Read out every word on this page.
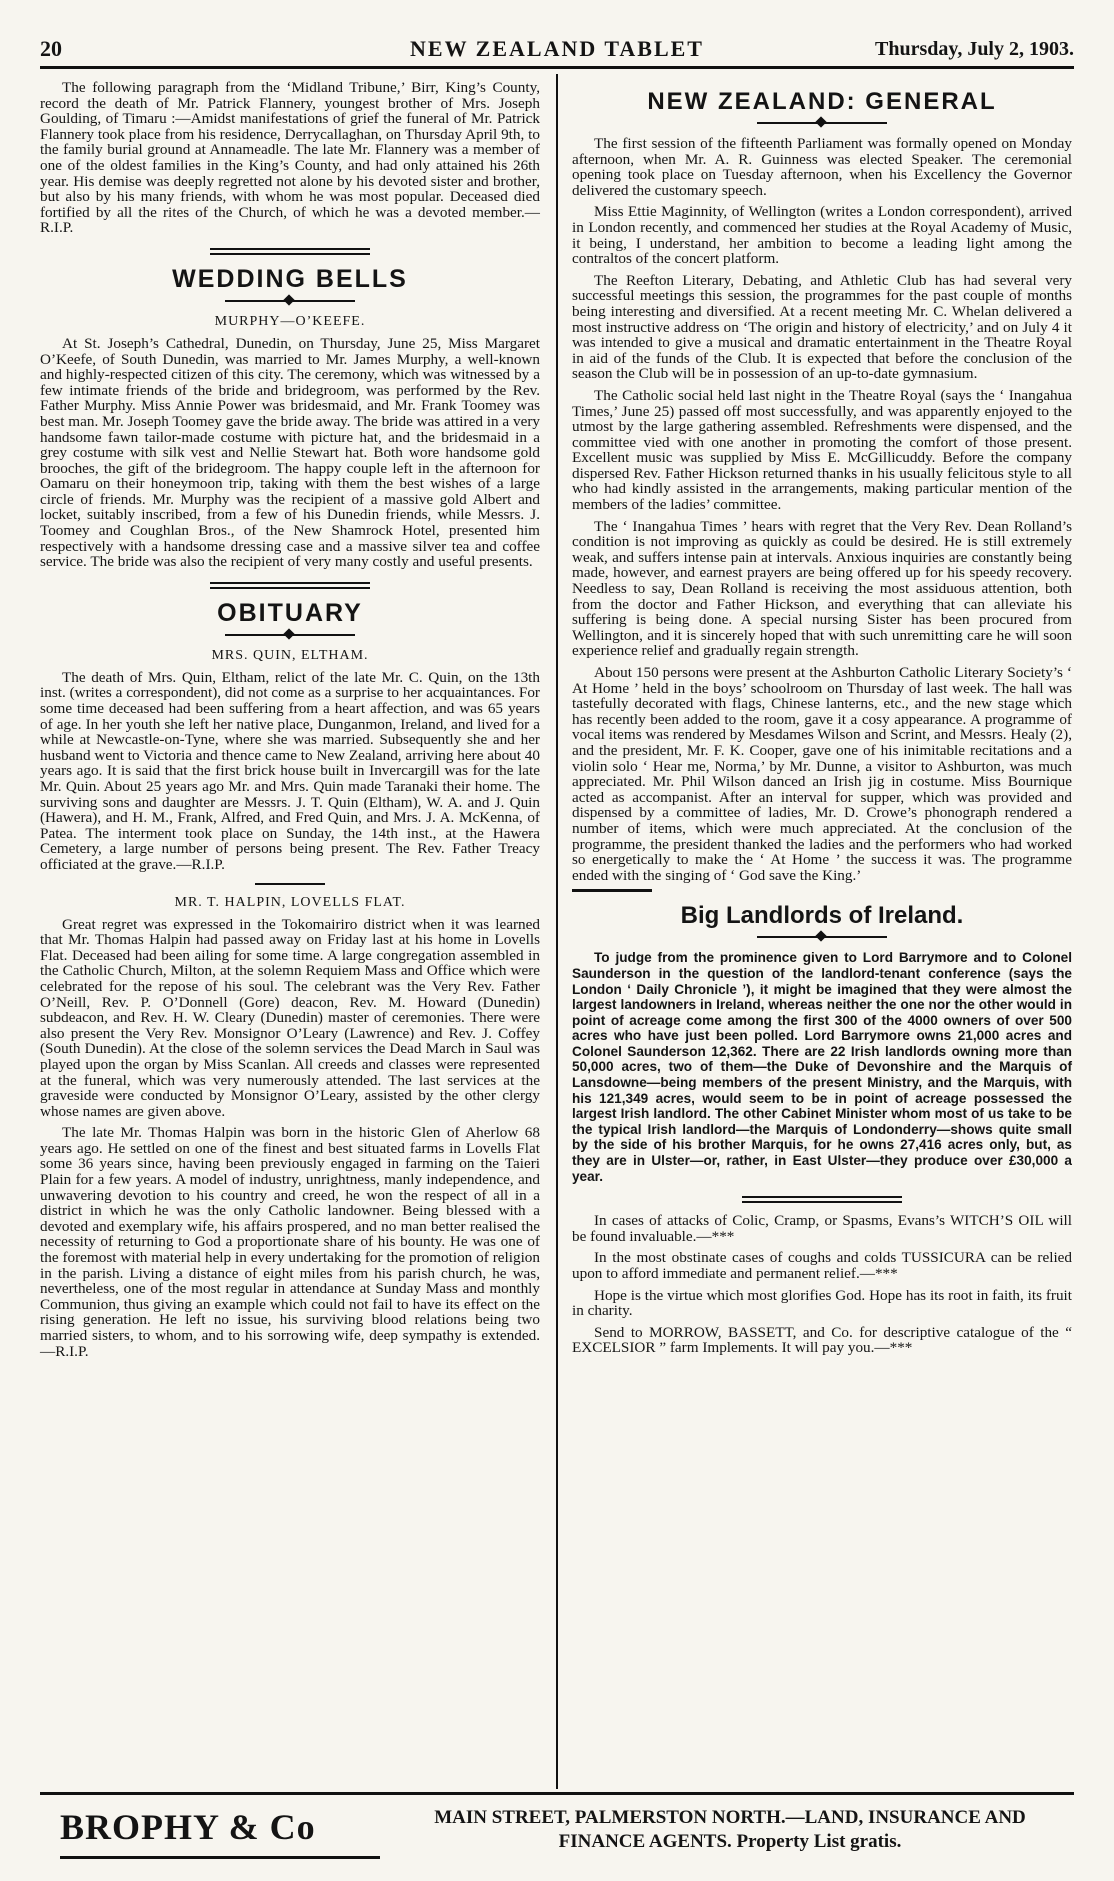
20	NEW ZEALAND TABLET	Thursday, July 2, 1903.

The following paragraph from the ‘Midland Tribune,’ Birr, King’s County, record the death of Mr. Patrick Flannery, youngest brother of Mrs. Joseph Goulding, of Timaru :—Amidst manifestations of grief the funeral of Mr. Patrick Flannery took place from his residence, Derrycallaghan, on Thursday April 9th, to the family burial ground at Annameadle. The late Mr. Flannery was a member of one of the oldest families in the King’s County, and had only attained his 26th year. His demise was deeply regretted not alone by his devoted sister and brother, but also by his many friends, with whom he was most popular. Deceased died fortified by all the rites of the Church, of which he was a devoted member.—R.I.P.

WEDDING BELLS
MURPHY—O’KEEFE.

At St. Joseph’s Cathedral, Dunedin, on Thursday, June 25, Miss Margaret O’Keefe, of South Dunedin, was married to Mr. James Murphy, a well-known and highly-respected citizen of this city. The ceremony, which was witnessed by a few intimate friends of the bride and bridegroom, was performed by the Rev. Father Murphy. Miss Annie Power was bridesmaid, and Mr. Frank Toomey was best man. Mr. Joseph Toomey gave the bride away. The bride was attired in a very handsome fawn tailor-made costume with picture hat, and the bridesmaid in a grey costume with silk vest and Nellie Stewart hat. Both wore handsome gold brooches, the gift of the bridegroom. The happy couple left in the afternoon for Oamaru on their honeymoon trip, taking with them the best wishes of a large circle of friends. Mr. Murphy was the recipient of a massive gold Albert and locket, suitably inscribed, from a few of his Dunedin friends, while Messrs. J. Toomey and Coughlan Bros., of the New Shamrock Hotel, presented him respectively with a handsome dressing case and a massive silver tea and coffee service. The bride was also the recipient of very many costly and useful presents.

OBITUARY
MRS. QUIN, ELTHAM.

The death of Mrs. Quin, Eltham, relict of the late Mr. C. Quin, on the 13th inst. (writes a correspondent), did not come as a surprise to her acquaintances. For some time deceased had been suffering from a heart affection, and was 65 years of age. In her youth she left her native place, Dunganmon, Ireland, and lived for a while at Newcastle-on-Tyne, where she was married. Subsequently she and her husband went to Victoria and thence came to New Zealand, arriving here about 40 years ago. It is said that the first brick house built in Invercargill was for the late Mr. Quin. About 25 years ago Mr. and Mrs. Quin made Taranaki their home. The surviving sons and daughter are Messrs. J. T. Quin (Eltham), W. A. and J. Quin (Hawera), and H. M., Frank, Alfred, and Fred Quin, and Mrs. J. A. McKenna, of Patea. The interment took place on Sunday, the 14th inst., at the Hawera Cemetery, a large number of persons being present. The Rev. Father Treacy officiated at the grave.—R.I.P.

MR. T. HALPIN, LOVELLS FLAT.

Great regret was expressed in the Tokomairiro district when it was learned that Mr. Thomas Halpin had passed away on Friday last at his home in Lovells Flat. Deceased had been ailing for some time. A large congregation assembled in the Catholic Church, Milton, at the solemn Requiem Mass and Office which were celebrated for the repose of his soul. The celebrant was the Very Rev. Father O’Neill, Rev. P. O’Donnell (Gore) deacon, Rev. M. Howard (Dunedin) subdeacon, and Rev. H. W. Cleary (Dunedin) master of ceremonies. There were also present the Very Rev. Monsignor O’Leary (Lawrence) and Rev. J. Coffey (South Dunedin). At the close of the solemn services the Dead March in Saul was played upon the organ by Miss Scanlan. All creeds and classes were represented at the funeral, which was very numerously attended. The last services at the graveside were conducted by Monsignor O’Leary, assisted by the other clergy whose names are given above.

The late Mr. Thomas Halpin was born in the historic Glen of Aherlow 68 years ago. He settled on one of the finest and best situated farms in Lovells Flat some 36 years since, having been previously engaged in farming on the Taieri Plain for a few years. A model of industry, unrightness, manly independence, and unwavering devotion to his country and creed, he won the respect of all in a district in which he was the only Catholic landowner. Being blessed with a devoted and exemplary wife, his affairs prospered, and no man better realised the necessity of returning to God a proportionate share of his bounty. He was one of the foremost with material help in every undertaking for the promotion of religion in the parish. Living a distance of eight miles from his parish church, he was, nevertheless, one of the most regular in attendance at Sunday Mass and monthly Communion, thus giving an example which could not fail to have its effect on the rising generation. He left no issue, his surviving blood relations being two married sisters, to whom, and to his sorrowing wife, deep sympathy is extended.—R.I.P.

NEW ZEALAND: GENERAL

The first session of the fifteenth Parliament was formally opened on Monday afternoon, when Mr. A. R. Guinness was elected Speaker. The ceremonial opening took place on Tuesday afternoon, when his Excellency the Governor delivered the customary speech.

Miss Ettie Maginnity, of Wellington (writes a London correspondent), arrived in London recently, and commenced her studies at the Royal Academy of Music, it being, I understand, her ambition to become a leading light among the contraltos of the concert platform.

The Reefton Literary, Debating, and Athletic Club has had several very successful meetings this session, the programmes for the past couple of months being interesting and diversified. At a recent meeting Mr. C. Whelan delivered a most instructive address on ‘The origin and history of electricity,’ and on July 4 it was intended to give a musical and dramatic entertainment in the Theatre Royal in aid of the funds of the Club. It is expected that before the conclusion of the season the Club will be in possession of an up-to-date gymnasium.

The Catholic social held last night in the Theatre Royal (says the ‘ Inangahua Times,’ June 25) passed off most successfully, and was apparently enjoyed to the utmost by the large gathering assembled. Refreshments were dispensed, and the committee vied with one another in promoting the comfort of those present. Excellent music was supplied by Miss E. McGillicuddy. Before the company dispersed Rev. Father Hickson returned thanks in his usually felicitous style to all who had kindly assisted in the arrangements, making particular mention of the members of the ladies’ committee.

The ‘ Inangahua Times ’ hears with regret that the Very Rev. Dean Rolland’s condition is not improving as quickly as could be desired. He is still extremely weak, and suffers intense pain at intervals. Anxious inquiries are constantly being made, however, and earnest prayers are being offered up for his speedy recovery. Needless to say, Dean Rolland is receiving the most assiduous attention, both from the doctor and Father Hickson, and everything that can alleviate his suffering is being done. A special nursing Sister has been procured from Wellington, and it is sincerely hoped that with such unremitting care he will soon experience relief and gradually regain strength.

About 150 persons were present at the Ashburton Catholic Literary Society’s ‘ At Home ’ held in the boys’ schoolroom on Thursday of last week. The hall was tastefully decorated with flags, Chinese lanterns, etc., and the new stage which has recently been added to the room, gave it a cosy appearance. A programme of vocal items was rendered by Mesdames Wilson and Scrint, and Messrs. Healy (2), and the president, Mr. F. K. Cooper, gave one of his inimitable recitations and a violin solo ‘ Hear me, Norma,’ by Mr. Dunne, a visitor to Ashburton, was much appreciated. Mr. Phil Wilson danced an Irish jig in costume. Miss Bournique acted as accompanist. After an interval for supper, which was provided and dispensed by a committee of ladies, Mr. D. Crowe’s phonograph rendered a number of items, which were much appreciated. At the conclusion of the programme, the president thanked the ladies and the performers who had worked so energetically to make the ‘ At Home ’ the success it was. The programme ended with the singing of ‘ God save the King.’

Big Landlords of Ireland.

To judge from the prominence given to Lord Barrymore and to Colonel Saunderson in the question of the landlord-tenant conference (says the London ‘ Daily Chronicle ’), it might be imagined that they were almost the largest landowners in Ireland, whereas neither the one nor the other would in point of acreage come among the first 300 of the 4000 owners of over 500 acres who have just been polled. Lord Barrymore owns 21,000 acres and Colonel Saunderson 12,362. There are 22 Irish landlords owning more than 50,000 acres, two of them—the Duke of Devonshire and the Marquis of Lansdowne—being members of the present Ministry, and the Marquis, with his 121,349 acres, would seem to be in point of acreage possessed the largest Irish landlord. The other Cabinet Minister whom most of us take to be the typical Irish landlord—the Marquis of Londonderry—shows quite small by the side of his brother Marquis, for he owns 27,416 acres only, but, as they are in Ulster—or, rather, in East Ulster—they produce over £30,000 a year.

In cases of attacks of Colic, Cramp, or Spasms, Evans’s WITCH’S OIL will be found invaluable.—***

In the most obstinate cases of coughs and colds TUSSICURA can be relied upon to afford immediate and permanent relief.—***

Hope is the virtue which most glorifies God. Hope has its root in faith, its fruit in charity.

Send to MORROW, BASSETT, and Co. for descriptive catalogue of the “ EXCELSIOR ” farm Implements. It will pay you.—***

BROPHY & Co	MAIN STREET, PALMERSTON NORTH.—LAND, INSURANCE AND
FINANCE AGENTS. Property List gratis.
